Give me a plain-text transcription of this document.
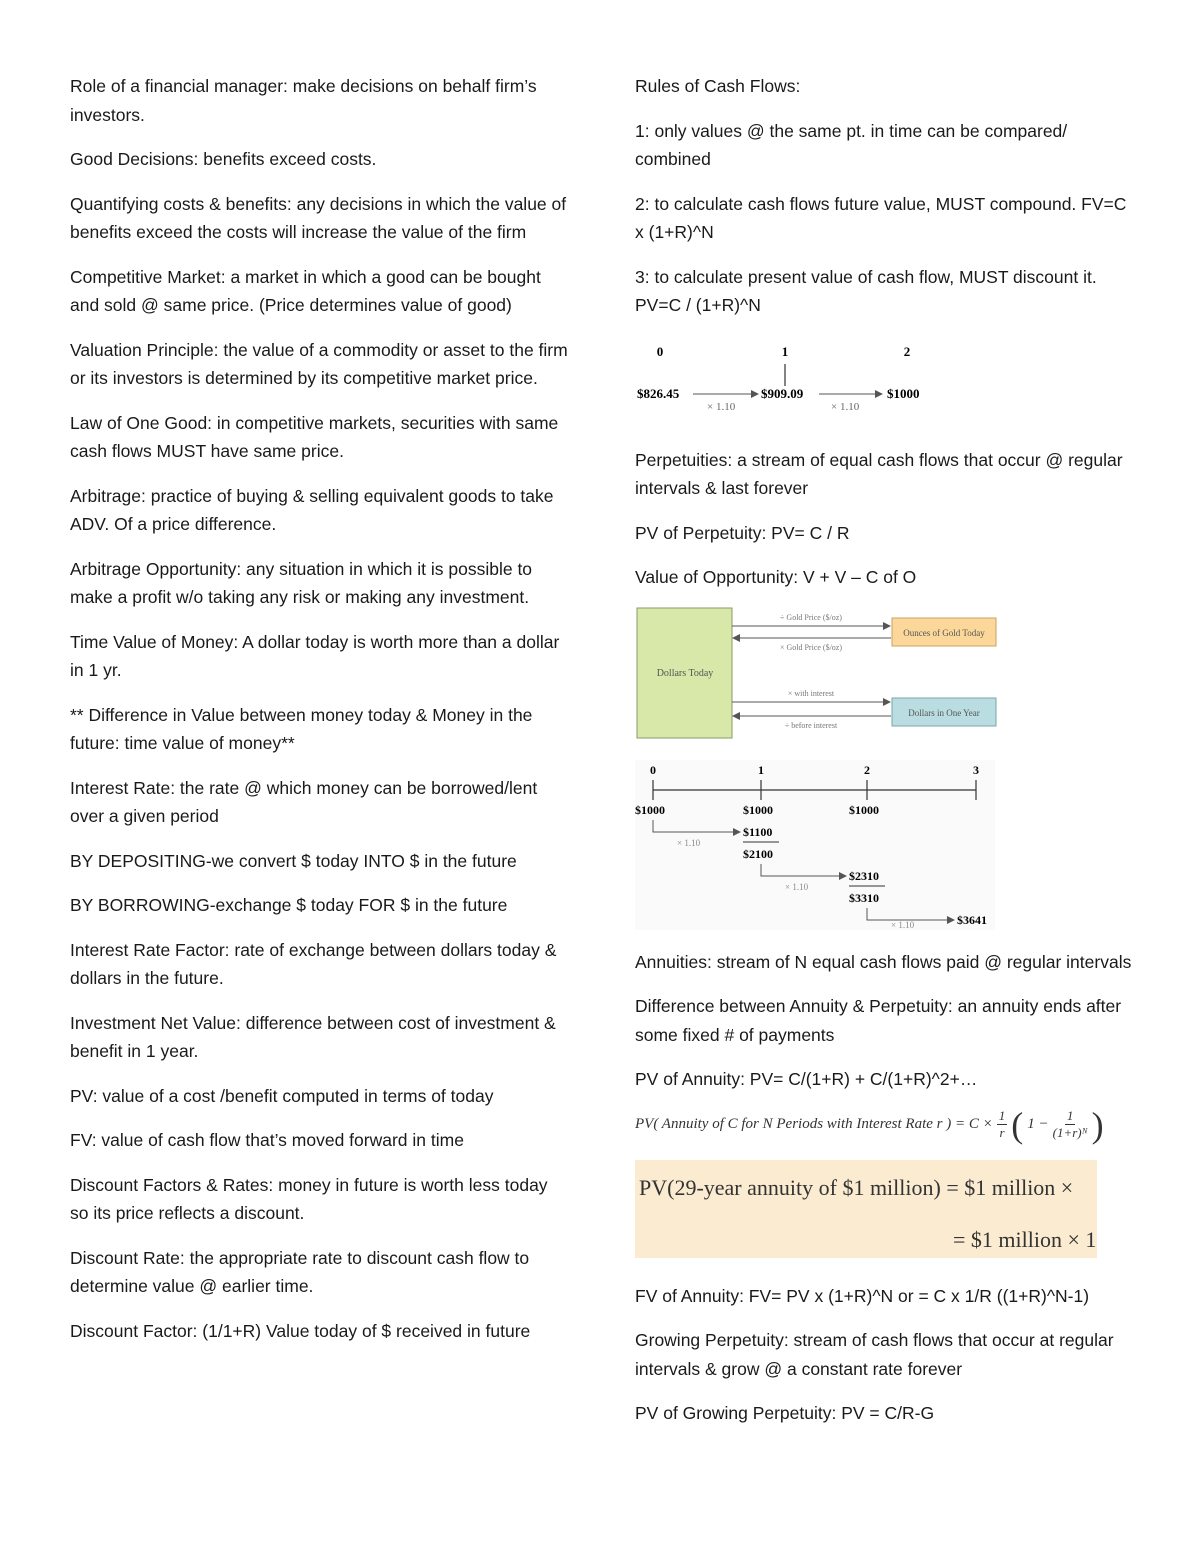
Role of a financial manager: make decisions on behalf firm’s investors.

Good Decisions: benefits exceed costs.

Quantifying costs & benefits: any decisions in which the value of benefits exceed the costs will increase the value of the firm

Competitive Market: a market in which a good can be bought and sold @ same price. (Price determines value of good)

Valuation Principle: the value of a commodity or asset to the firm or its investors is determined by its competitive market price.

Law of One Good: in competitive markets, securities with same cash flows MUST have same price.

Arbitrage: practice of buying & selling equivalent goods to take ADV. Of a price difference.

Arbitrage Opportunity: any situation in which it is possible to make a profit w/o taking any risk or making any investment.

Time Value of Money: A dollar today is worth more than a dollar in 1 yr.

** Difference in Value between money today & Money in the future: time value of money**

Interest Rate: the rate @ which money can be borrowed/lent over a given period

BY DEPOSITING-we convert $ today INTO $ in the future

BY BORROWING-exchange $ today FOR $ in the future

Interest Rate Factor: rate of exchange between dollars today & dollars in the future.

Investment Net Value: difference between cost of investment & benefit in 1 year.

PV: value of a cost /benefit computed in terms of today

FV: value of cash flow that’s moved forward in time

Discount Factors & Rates: money in future is worth less today so its price reflects a discount.

Discount Rate: the appropriate rate to discount cash flow to determine value @ earlier time.

Discount Factor: (1/1+R) Value today of $ received in future

Rules of Cash Flows:

1: only values @ the same pt. in time can be compared/ combined

2: to calculate cash flows future value, MUST compound. FV=C x (1+R)^N

3: to calculate present value of cash flow, MUST discount it. PV=C / (1+R)^N

0	1	2
$826.45
× 1.10
$909.09
× 1.10
$1000

Perpetuities: a stream of equal cash flows that occur @ regular intervals & last forever

PV of Perpetuity: PV= C / R

Value of Opportunity: V + V – C of O

Dollars Today
Ounces of Gold Today
Dollars in One Year
÷ Gold Price ($/oz)
× Gold Price ($/oz)
× with interest
÷ before interest
0	1	2	3
$1000	$1000	$1000
× 1.10
$1100
$2100
× 1.10
$2310
$3310
× 1.10	$3641

Annuities: stream of N equal cash flows paid @ regular intervals

Difference between Annuity & Perpetuity: an annuity ends after some fixed # of payments

PV of Annuity: PV= C/(1+R) + C/(1+R)^2+…

PV( Annuity of C for N Periods with Interest Rate r ) = $C \times \frac{1}{r}$ ( $1 - \frac{1}{\text{(1+r)ᴺ}}$ )
PV(29-year annuity of $1 million) = $1 million ×
= $1 million × 1

FV of Annuity: FV= PV x (1+R)^N or = C x 1/R ((1+R)^N-1)

Growing Perpetuity: stream of cash flows that occur at regular intervals & grow @ a constant rate forever

PV of Growing Perpetuity: PV = C/R-G
